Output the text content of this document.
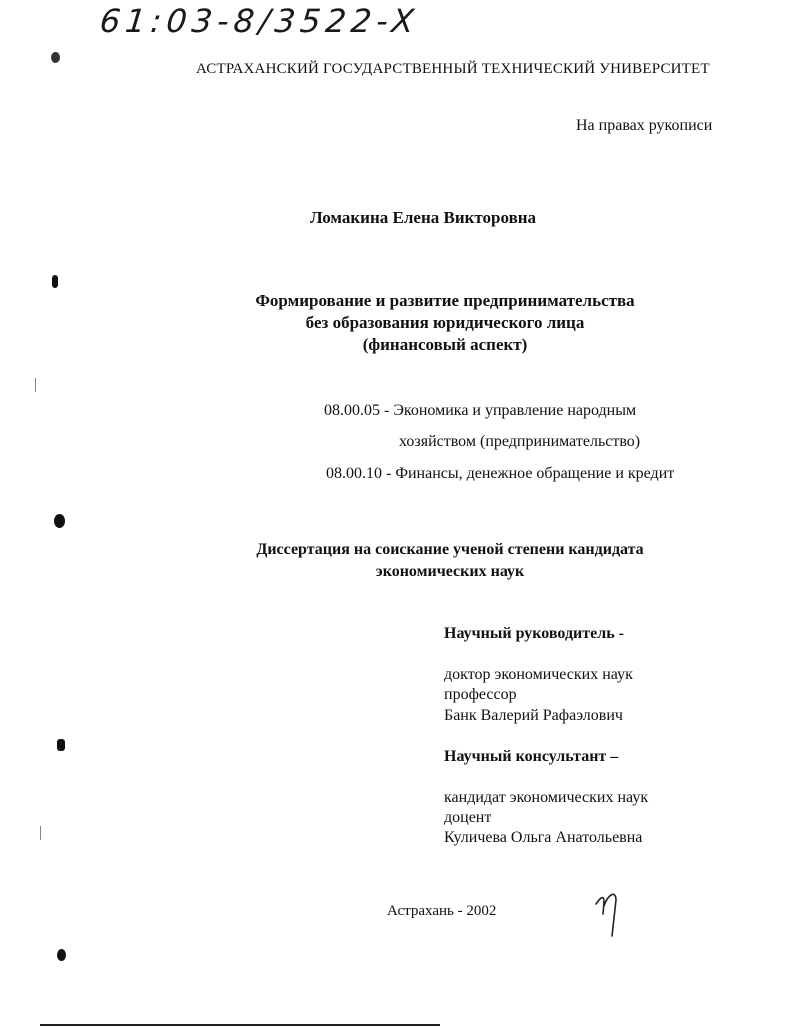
61:03-8/3522-X
АСТРАХАНСКИЙ ГОСУДАРСТВЕННЫЙ ТЕХНИЧЕСКИЙ УНИВЕРСИТЕТ
На правах рукописи
Ломакина Елена Викторовна
Формирование и развитие предпринимательства
без образования юридического лица
(финансовый аспект)
08.00.05 - Экономика и управление народным
хозяйством (предпринимательство)
08.00.10 - Финансы, денежное обращение и кредит
Диссертация на соискание ученой степени кандидата
экономических наук
Научный руководитель -
доктор экономических наук
профессор
Банк Валерий Рафаэлович
Научный консультант –
кандидат экономических наук
доцент
Куличева Ольга Анатольевна
Астрахань - 2002
